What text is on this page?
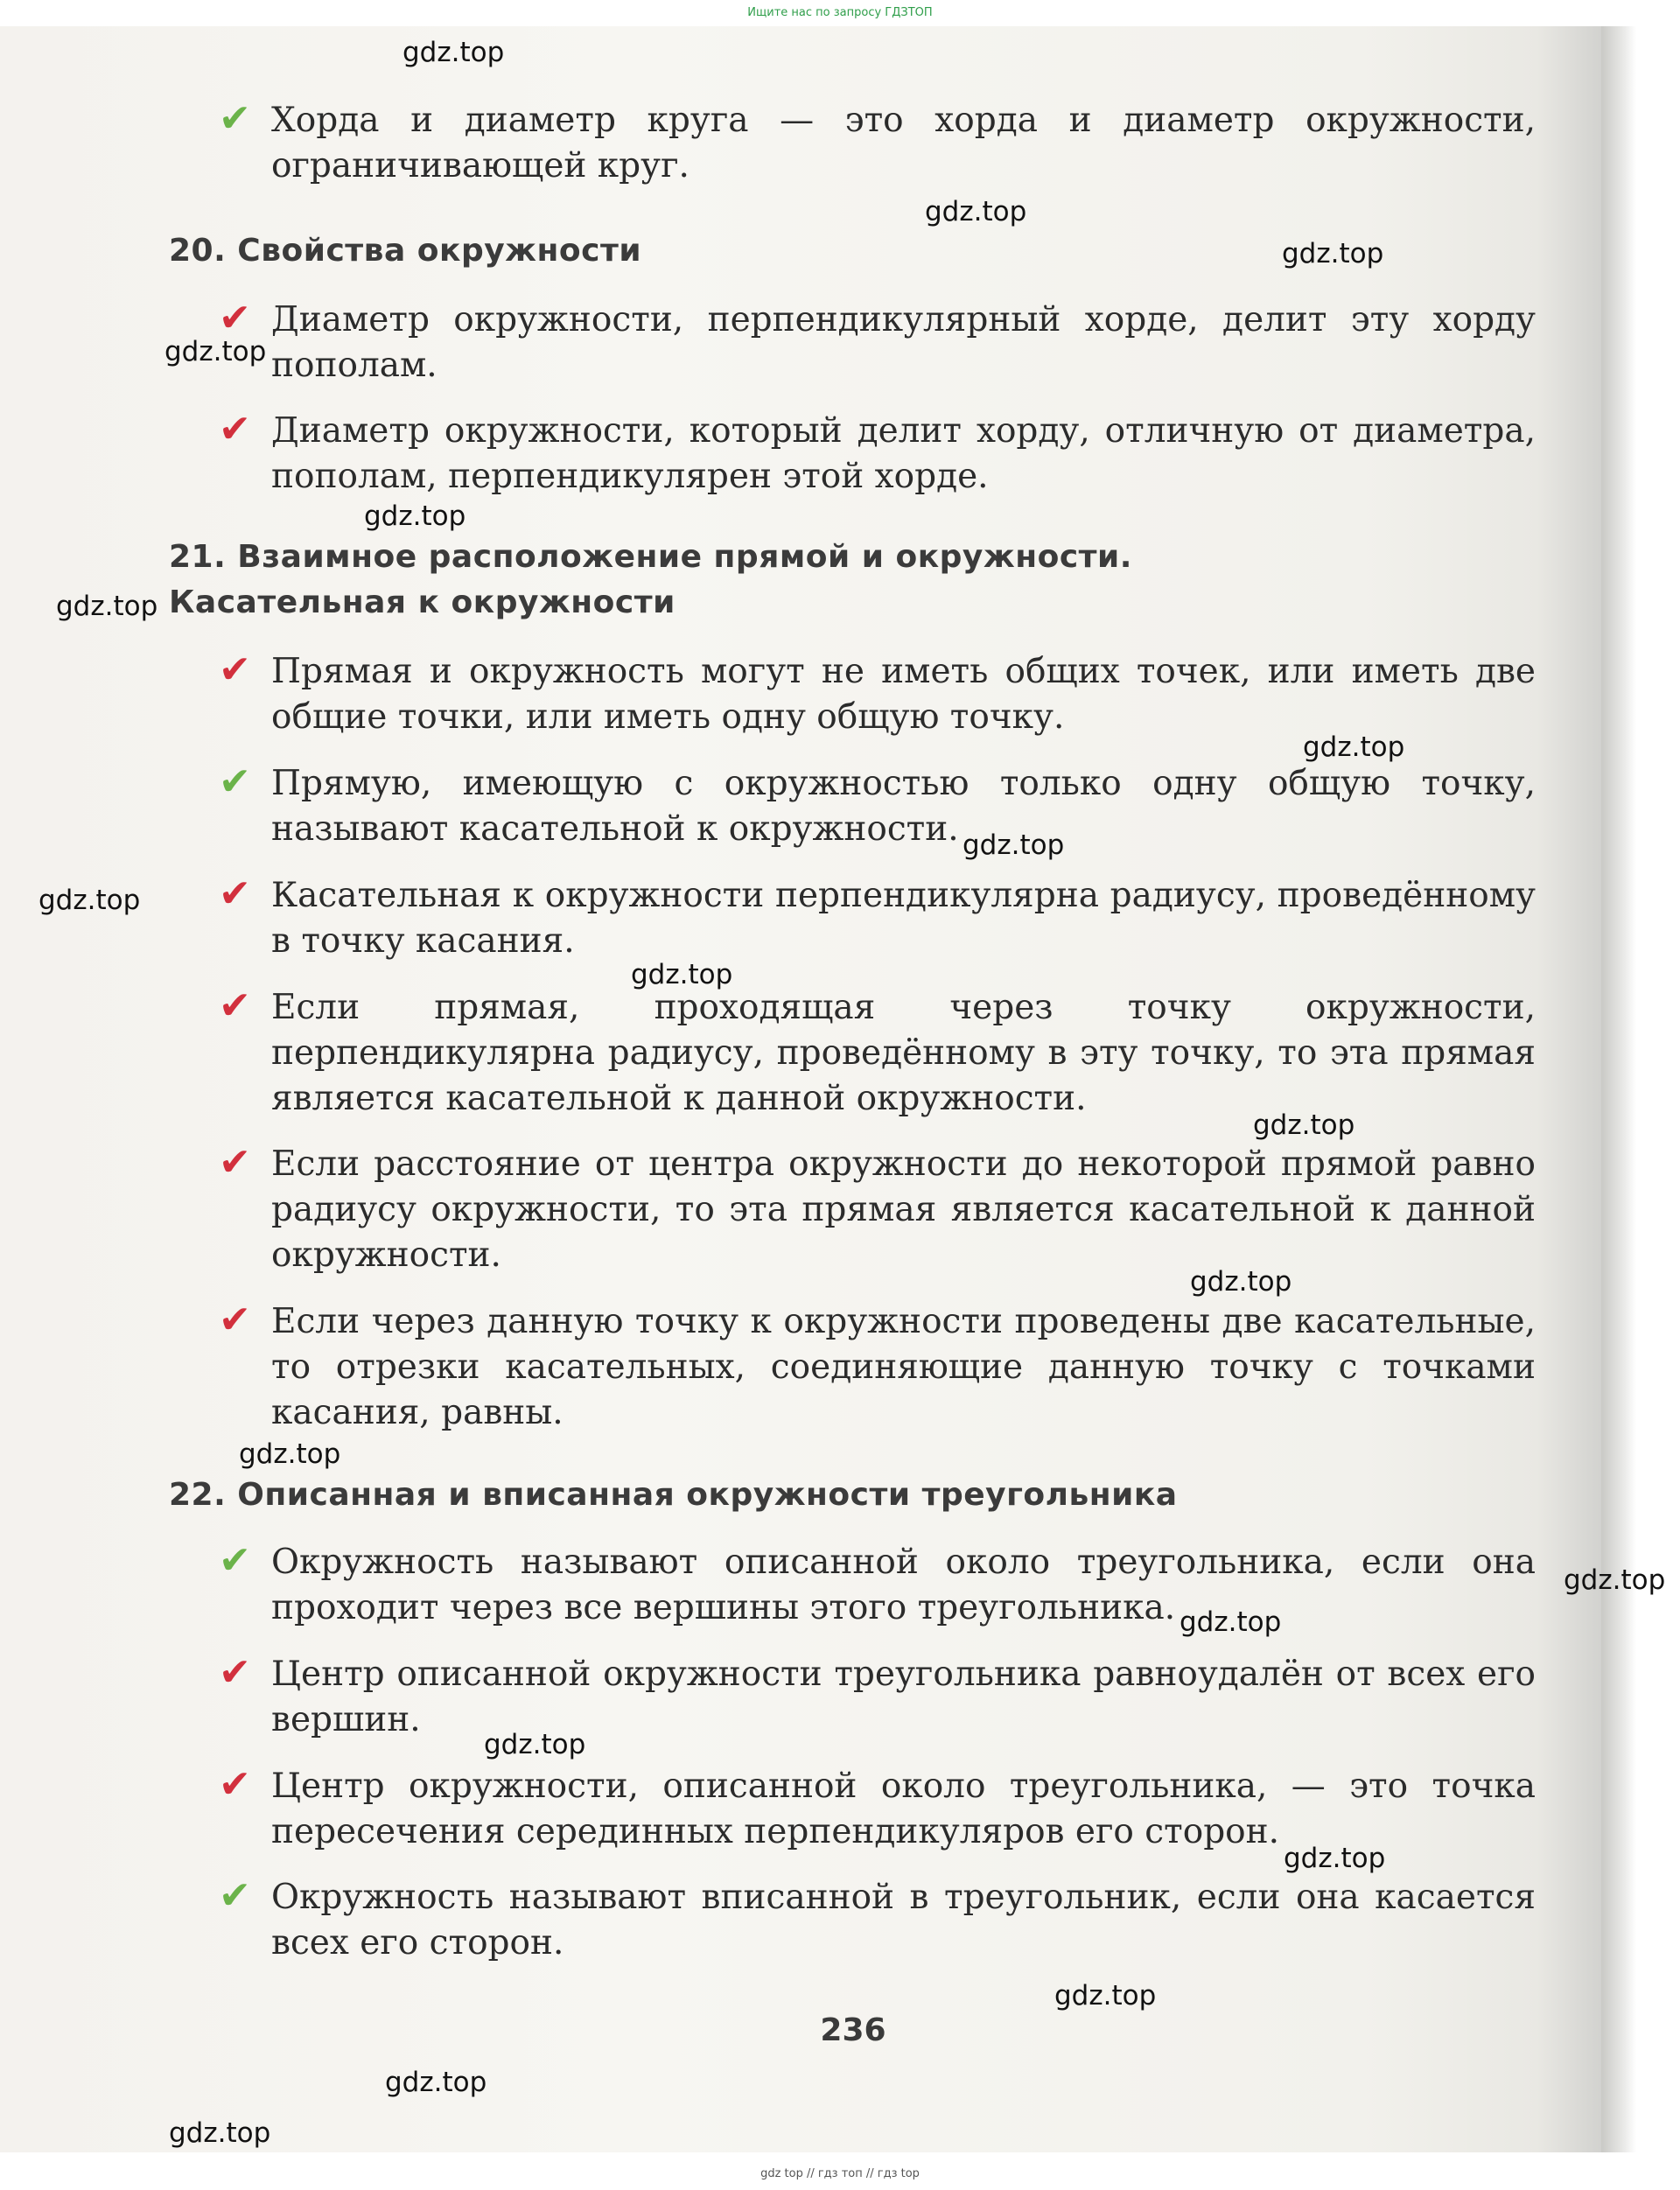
Ищите нас по запросу ГДЗТОП
✔ Хорда и диаметр круга — это хорда и диаметр окружности, ограничивающей круг.
20. Свойства окружности
✔ Диаметр окружности, перпендикулярный хорде, делит эту хорду пополам.
✔ Диаметр окружности, который делит хорду, отличную от диаметра, пополам, перпендикулярен этой хорде.
21. Взаимное расположение прямой и окружности.
Касательная к окружности
✔ Прямая и окружность могут не иметь общих точек, или иметь две общие точки, или иметь одну общую точку.
✔ Прямую, имеющую с окружностью только одну общую точку, называют касательной к окружности.
✔ Касательная к окружности перпендикулярна радиусу, проведённому в точку касания.
✔ Если прямая, проходящая через точку окружности, перпендикулярна радиусу, проведённому в эту точку, то эта прямая является касательной к данной окружности.
✔ Если расстояние от центра окружности до некоторой прямой равно радиусу окружности, то эта прямая является касательной к данной окружности.
✔ Если через данную точку к окружности проведены две касательные, то отрезки касательных, соединяющие данную точку с точками касания, равны.
22. Описанная и вписанная окружности треугольника
✔ Окружность называют описанной около треугольника, если она проходит через все вершины этого треугольника.
✔ Центр описанной окружности треугольника равноудалён от всех его вершин.
✔ Центр окружности, описанной около треугольника, — это точка пересечения серединных перпендикуляров его сторон.
✔ Окружность называют вписанной в треугольник, если она касается всех его сторон.
236
gdz.top
gdz.top
gdz.top
gdz.top
gdz.top
gdz.top
gdz.top
gdz.top
gdz.top
gdz.top
gdz.top
gdz.top
gdz.top
gdz.top
gdz.top
gdz.top
gdz.top
gdz.top
gdz.top
gdz.top
gdz top // гдз топ // гдз top
